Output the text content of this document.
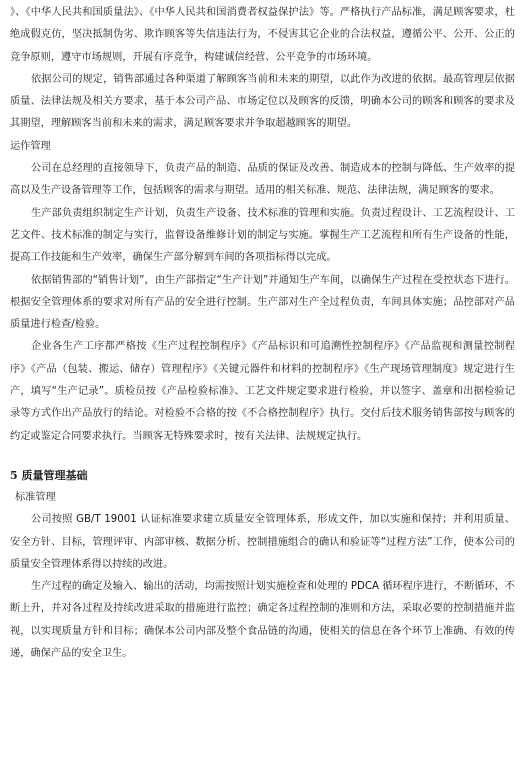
》、《中华人民共和国质量法》、《中华人民共和国消费者权益保护法》等。严格执行产品标准，满足顾客要求，杜绝成假克仿，坚决抵制伪劣、欺诈顾客等失信违法行为，不侵害其它企业的合法权益，遵循公平、公开、公正的竞争原则，遵守市场规则，开展有序竞争，构建诚信经营、公平竞争的市场环境。

依据公司的规定，销售部通过各种渠道了解顾客当前和未来的期望，以此作为改进的依据。最高管理层依据质量、法律法规及相关方要求，基于本公司产品、市场定位以及顾客的反馈，明确本公司的顾客和顾客的要求及其期望，理解顾客当前和未来的需求，满足顾客要求并争取超越顾客的期望。

运作管理

公司在总经理的直接领导下，负责产品的制造、品质的保证及改善、制造成本的控制与降低、生产效率的提高以及生产设备管理等工作，包括顾客的需求与期望。适用的相关标准、规范、法律法规，满足顾客的要求。

生产部负责组织制定生产计划，负责生产设备、技术标准的管理和实施。负责过程设计、工艺流程设计、工艺文件、技术标准的制定与实行，监督设备维修计划的制定与实施。掌握生产工艺流程和所有生产设备的性能，提高工作技能和生产效率，确保生产部分解到车间的各项指标得以完成。

依据销售部的“销售计划”，由生产部指定“生产计划”并通知生产车间，以确保生产过程在受控状态下进行。根据安全管理体系的要求对所有产品的安全进行控制。生产部对生产全过程负责，车间具体实施；品控部对产品质量进行检查/检验。

企业各生产工序都严格按《生产过程控制程序》《产品标识和可追溯性控制程序》《产品监视和测量控制程序》《产品（包装、搬运、储存）管理程序》《关键元器件和材料的控制程序》《生产现场管理制度》规定进行生产，填写“生产记录”。质检员按《产品检验标准》、工艺文件规定要求进行检验，并以签字、盖章和出据检验记录等方式作出产品放行的结论。对检验不合格的按《不合格控制程序》执行。交付后技术服务销售部按与顾客的约定或鉴定合同要求执行。当顾客无特殊要求时，按有关法律、法规规定执行。

5 质量管理基础
标准管理

公司按照 GB/T 19001 认证标准要求建立质量安全管理体系，形成文件，加以实施和保持；并利用质量、安全方针、目标，管理评审、内部审核、数据分析、控制措施组合的确认和验证等“过程方法”工作，使本公司的质量安全管理体系得以持续的改进。

生产过程的确定及输入、输出的活动，均需按照计划实施检查和处理的 PDCA 循环程序进行，不断循环，不断上升，并对各过程及持续改进采取的措施进行监控；确定各过程控制的准则和方法，采取必要的控制措施并监视，以实现质量方针和目标；确保本公司内部及整个食品链的沟通，使相关的信息在各个环节上准确、有效的传递，确保产品的安全卫生。
